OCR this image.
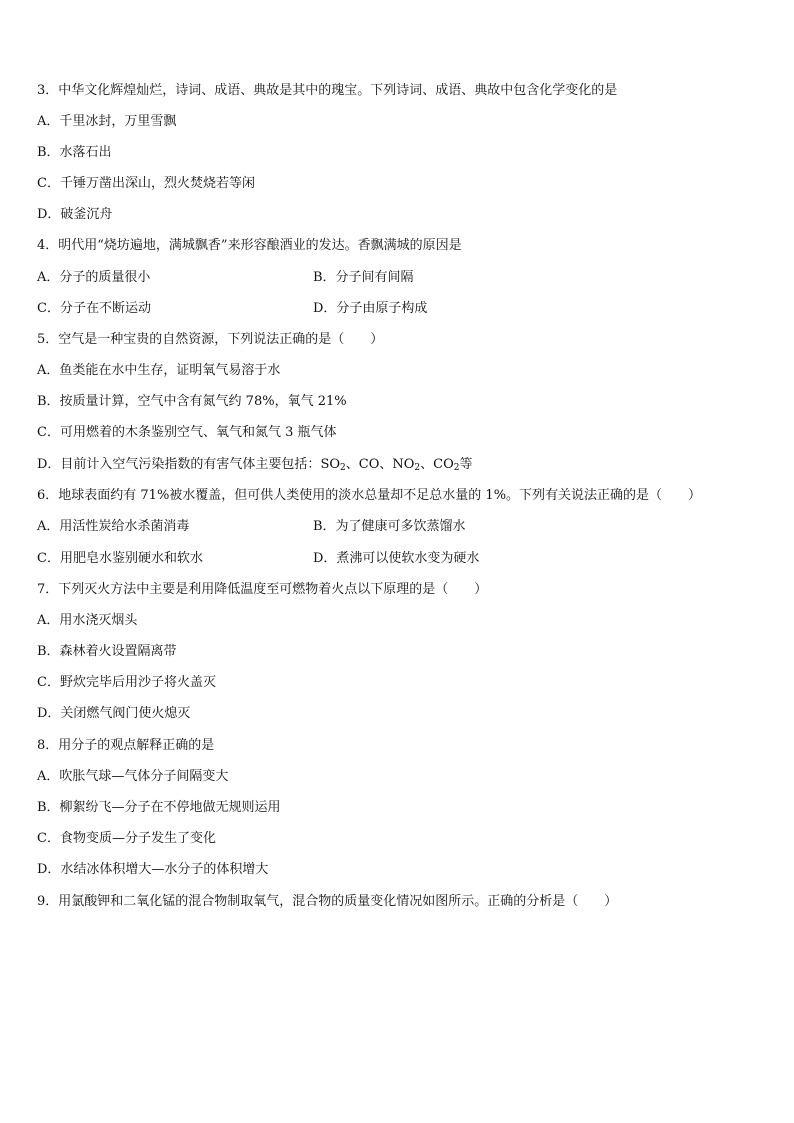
3．中华文化辉煌灿烂，诗词、成语、典故是其中的瑰宝。下列诗词、成语、典故中包含化学变化的是
A．千里冰封，万里雪飘
B．水落石出
C．千锤万凿出深山，烈火焚烧若等闲
D．破釜沉舟
4．明代用“烧坊遍地，满城飘香”来形容酿酒业的发达。香飘满城的原因是
A．分子的质量很小	B．分子间有间隔
C．分子在不断运动	D．分子由原子构成
5．空气是一种宝贵的自然资源，下列说法正确的是（　　）
A．鱼类能在水中生存，证明氧气易溶于水
B．按质量计算，空气中含有氮气约 78%，氧气 21%
C．可用燃着的木条鉴别空气、氧气和氮气 3 瓶气体
D．目前计入空气污染指数的有害气体主要包括：$SO_2$、CO、$NO_2$、$CO_2$等
6．地球表面约有 71%被水覆盖，但可供人类使用的淡水总量却不足总水量的 1%。下列有关说法正确的是（　　）
A．用活性炭给水杀菌消毒	B．为了健康可多饮蒸馏水
C．用肥皂水鉴别硬水和软水	D．煮沸可以使软水变为硬水
7．下列灭火方法中主要是利用降低温度至可燃物着火点以下原理的是（　　）
A．用水浇灭烟头
B．森林着火设置隔离带
C．野炊完毕后用沙子将火盖灭
D．关闭燃气阀门使火熄灭
8．用分子的观点解释正确的是
A．吹胀气球—气体分子间隔变大
B．柳絮纷飞—分子在不停地做无规则运用
C．食物变质—分子发生了变化
D．水结冰体积增大—水分子的体积增大
9．用氯酸钾和二氧化锰的混合物制取氧气，混合物的质量变化情况如图所示。正确的分析是（　　）
